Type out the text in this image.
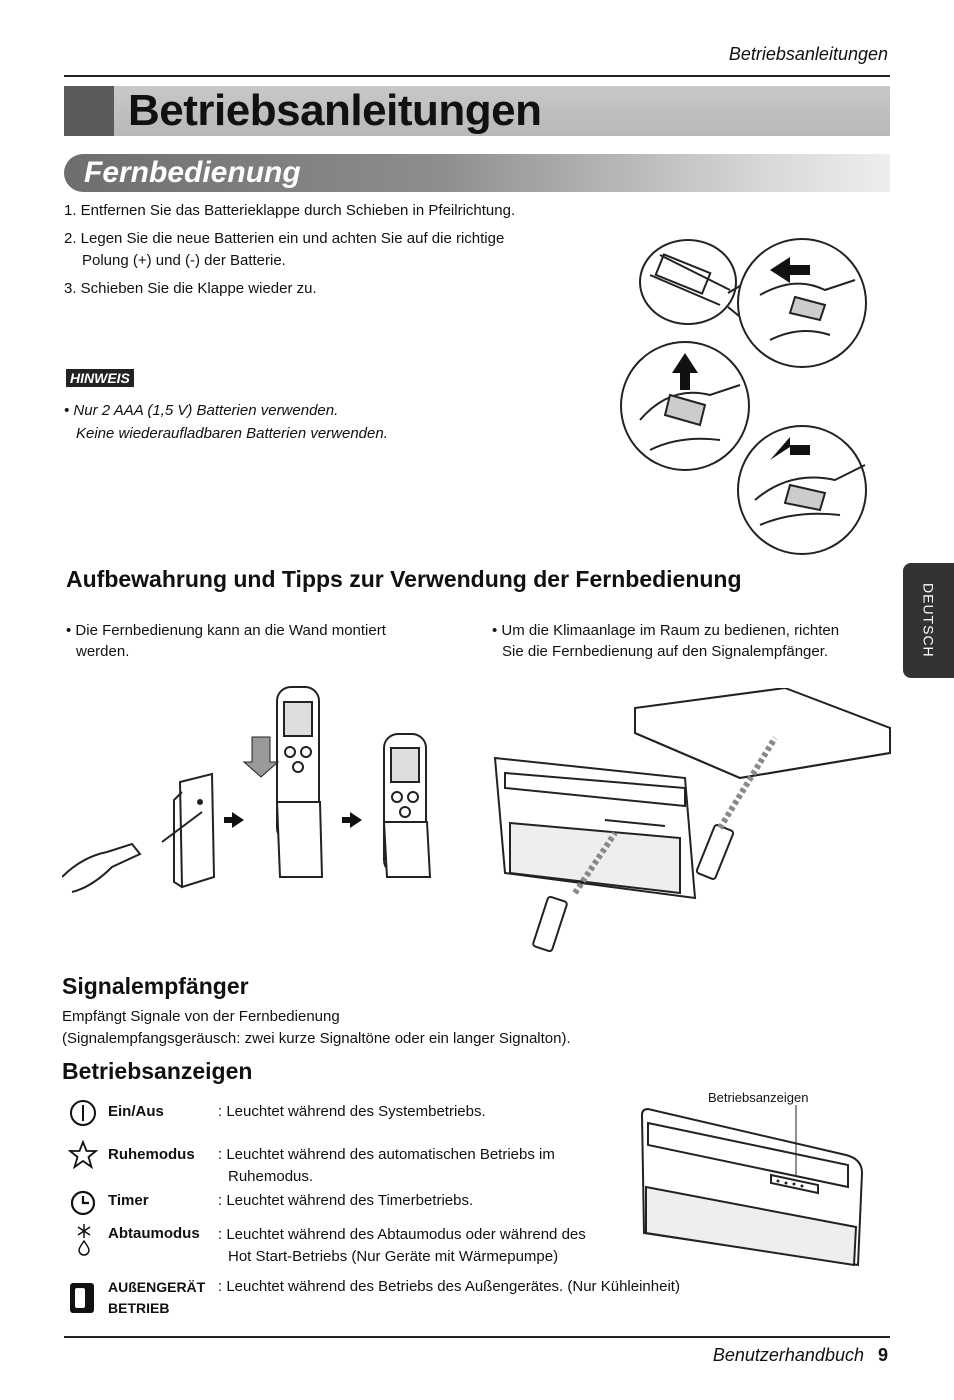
Betriebsanleitungen
Betriebsanleitungen
Fernbedienung
1. Entfernen Sie das Batterieklappe durch Schieben in Pfeilrichtung.
2. Legen Sie die neue Batterien ein und achten Sie auf die richtige
Polung (+) und (-) der Batterie.
3. Schieben Sie die Klappe wieder zu.
HINWEIS
• Nur 2 AAA (1,5 V) Batterien verwenden.
Keine wiederaufladbaren Batterien verwenden.
DEUTSCH
Aufbewahrung und Tipps zur Verwendung der Fernbedienung
• Die Fernbedienung kann an die Wand montiert
werden.
• Um die Klimaanlage im Raum zu bedienen, richten
Sie die Fernbedienung auf den Signalempfänger.
Signalempfänger
Empfängt Signale von der Fernbedienung
(Signalempfangsgeräusch: zwei kurze Signaltöne oder ein langer Signalton).
Betriebsanzeigen
Ein/Aus	: Leuchtet während des Systembetriebs.
Ruhemodus : Leuchtet während des automatischen Betriebs im
Ruhemodus.
Timer	: Leuchtet während des Timerbetriebs.
Abtaumodus : Leuchtet während des Abtaumodus oder während des
Hot Start-Betriebs (Nur Geräte mit Wärmepumpe)
AUßENGERÄT
BETRIEB
: Leuchtet während des Betriebs des Außengerätes. (Nur Kühleinheit)
Betriebsanzeigen
Benutzerhandbuch 9
